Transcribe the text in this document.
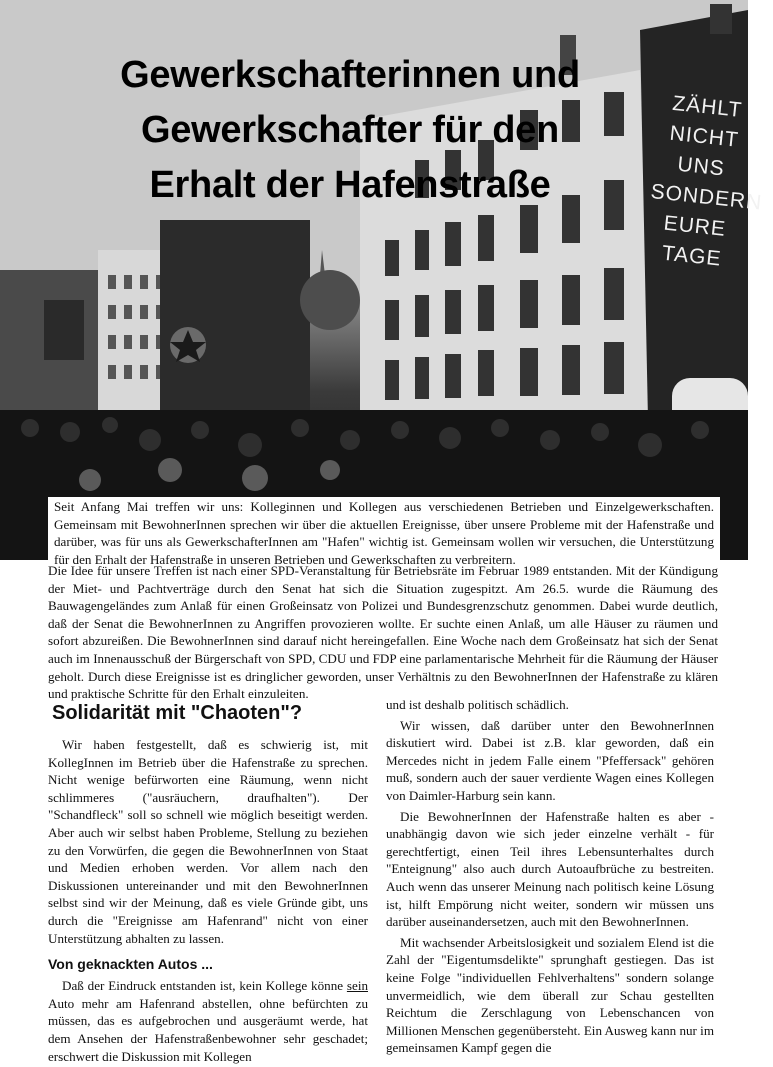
Gewerkschafterinnen und
Gewerkschafter für den
Erhalt der Hafenstraße
ZÄHLT NICHT
UNS
SONDERN
EURE TAGE
Seit Anfang Mai treffen wir uns: Kolleginnen und Kollegen aus verschiedenen Betrieben und Einzelgewerkschaften. Gemeinsam mit BewohnerInnen sprechen wir über die aktuellen Ereignisse, über unsere Probleme mit der Hafenstraße und darüber, was für uns als GewerkschafterInnen am "Hafen" wichtig ist. Gemeinsam wollen wir versuchen, die Unterstützung für den Erhalt der Hafenstraße in unseren Betrieben und Gewerkschaften zu verbreitern.

Die Idee für unsere Treffen ist nach einer SPD-Veranstaltung für Betriebsräte im Februar 1989 entstanden. Mit der Kündigung der Miet- und Pachtverträge durch den Senat hat sich die Situation zugespitzt. Am 26.5. wurde die Räumung des Bauwagengeländes zum Anlaß für einen Großeinsatz von Polizei und Bundesgrenzschutz genommen. Dabei wurde deutlich, daß der Senat die BewohnerInnen zu Angriffen provozieren wollte. Er suchte einen Anlaß, um alle Häuser zu räumen und sofort abzureißen. Die BewohnerInnen sind darauf nicht hereingefallen. Eine Woche nach dem Großeinsatz hat sich der Senat auch im Innenausschuß der Bürgerschaft von SPD, CDU und FDP eine parlamentarische Mehrheit für die Räumung der Häuser geholt. Durch diese Ereignisse ist es dringlicher geworden, unser Verhältnis zu den BewohnerInnen der Hafenstraße zu klären und praktische Schritte für den Erhalt einzuleiten.

Solidarität mit "Chaoten"?

Wir haben festgestellt, daß es schwierig ist, mit KollegInnen im Betrieb über die Hafenstraße zu sprechen. Nicht wenige befürworten eine Räumung, wenn nicht schlimmeres ("ausräuchern, draufhalten"). Der "Schandfleck" soll so schnell wie möglich beseitigt werden. Aber auch wir selbst haben Probleme, Stellung zu beziehen zu den Vorwürfen, die gegen die BewohnerInnen von Staat und Medien erhoben werden. Vor allem nach den Diskussionen untereinander und mit den BewohnerInnen selbst sind wir der Meinung, daß es viele Gründe gibt, uns durch die "Ereignisse am Hafenrand" nicht von einer Unterstützung abhalten zu lassen.

Von geknackten Autos ...

Daß der Eindruck entstanden ist, kein Kollege könne sein Auto mehr am Hafenrand abstellen, ohne befürchten zu müssen, das es aufgebrochen und ausgeräumt werde, hat dem Ansehen der Hafenstraßenbewohner sehr geschadet; erschwert die Diskussion mit Kollegen

und ist deshalb politisch schädlich.

Wir wissen, daß darüber unter den BewohnerInnen diskutiert wird. Dabei ist z.B. klar geworden, daß ein Mercedes nicht in jedem Falle einem "Pfeffersack" gehören muß, sondern auch der sauer verdiente Wagen eines Kollegen von Daimler-Harburg sein kann.

Die BewohnerInnen der Hafenstraße halten es aber - unabhängig davon wie sich jeder einzelne verhält - für gerechtfertigt, einen Teil ihres Lebensunterhaltes durch "Enteignung" also auch durch Autoaufbrüche zu bestreiten. Auch wenn das unserer Meinung nach politisch keine Lösung ist, hilft Empörung nicht weiter, sondern wir müssen uns darüber auseinandersetzen, auch mit den BewohnerInnen.

Mit wachsender Arbeitslosigkeit und sozialem Elend ist die Zahl der "Eigentumsdelikte" sprunghaft gestiegen. Das ist keine Folge "individuellen Fehlverhaltens" sondern solange unvermeidlich, wie dem überall zur Schau gestellten Reichtum die Zerschlagung von Lebenschancen von Millionen Menschen gegenübersteht. Ein Ausweg kann nur im gemeinsamen Kampf gegen die
